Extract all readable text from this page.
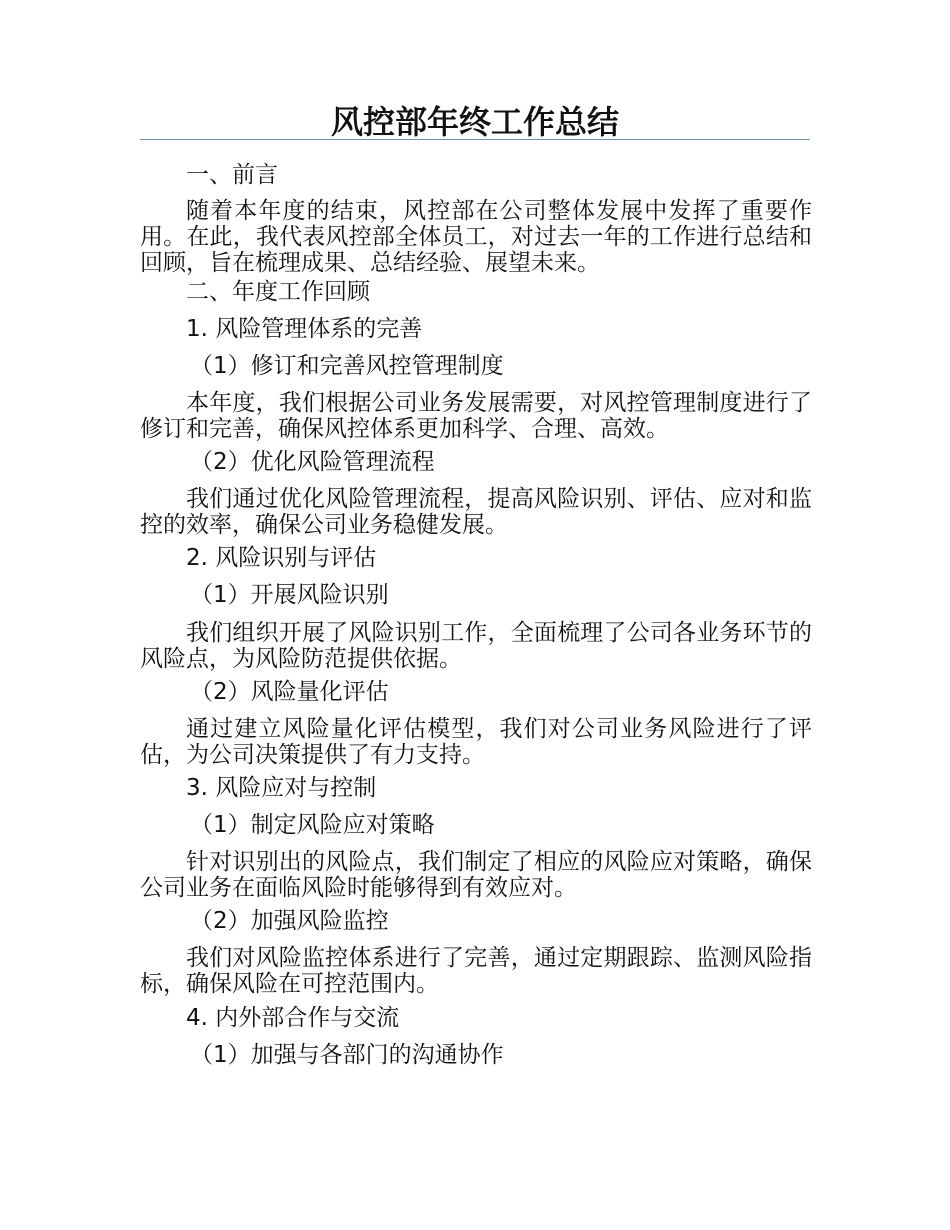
风控部年终工作总结
一、前言
随着本年度的结束，风控部在公司整体发展中发挥了重要作用。在此，我代表风控部全体员工，对过去一年的工作进行总结和回顾，旨在梳理成果、总结经验、展望未来。
二、年度工作回顾
1. 风险管理体系的完善
（1）修订和完善风控管理制度
本年度，我们根据公司业务发展需要，对风控管理制度进行了修订和完善，确保风控体系更加科学、合理、高效。
（2）优化风险管理流程
我们通过优化风险管理流程，提高风险识别、评估、应对和监控的效率，确保公司业务稳健发展。
2. 风险识别与评估
（1）开展风险识别
我们组织开展了风险识别工作，全面梳理了公司各业务环节的风险点，为风险防范提供依据。
（2）风险量化评估
通过建立风险量化评估模型，我们对公司业务风险进行了评估，为公司决策提供了有力支持。
3. 风险应对与控制
（1）制定风险应对策略
针对识别出的风险点，我们制定了相应的风险应对策略，确保公司业务在面临风险时能够得到有效应对。
（2）加强风险监控
我们对风险监控体系进行了完善，通过定期跟踪、监测风险指标，确保风险在可控范围内。
4. 内外部合作与交流
（1）加强与各部门的沟通协作
